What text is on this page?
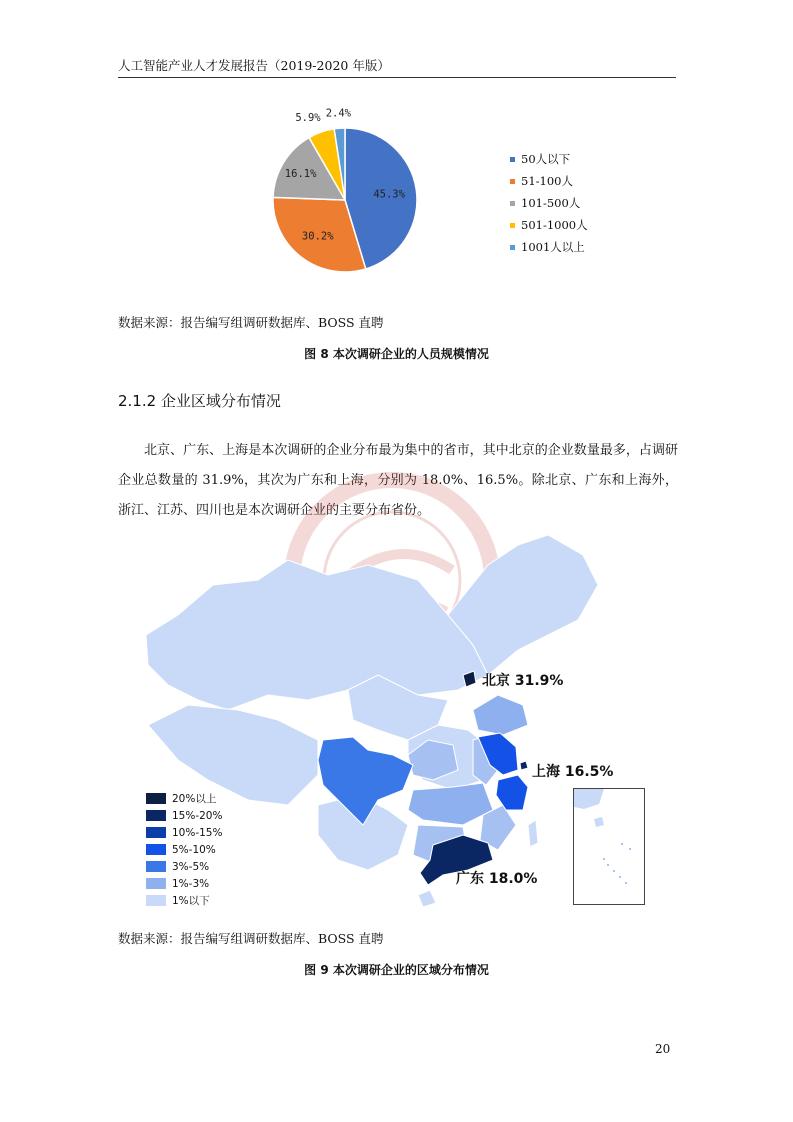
人工智能产业人才发展报告（2019-2020 年版）
45.3%
30.2%
16.1%
5.9% 2.4%
50人以下
51-100人
101-500人
501-1000人
1001人以上
数据来源：报告编写组调研数据库、BOSS 直聘
图 8 本次调研企业的人员规模情况
2.1.2 企业区域分布情况
北京、广东、上海是本次调研的企业分布最为集中的省市，其中北京的企业数量最多，占调研企业总数量的 31.9%，其次为广东和上海，分别为 18.0%、16.5%。除北京、广东和上海外，浙江、江苏、四川也是本次调研企业的主要分布省份。
北京 31.9%
上海 16.5%
广东 18.0%
20%以上
15%-20%
10%-15%
5%-10%
3%-5%
1%-3%
1%以下
数据来源：报告编写组调研数据库、BOSS 直聘
图 9 本次调研企业的区域分布情况
20
